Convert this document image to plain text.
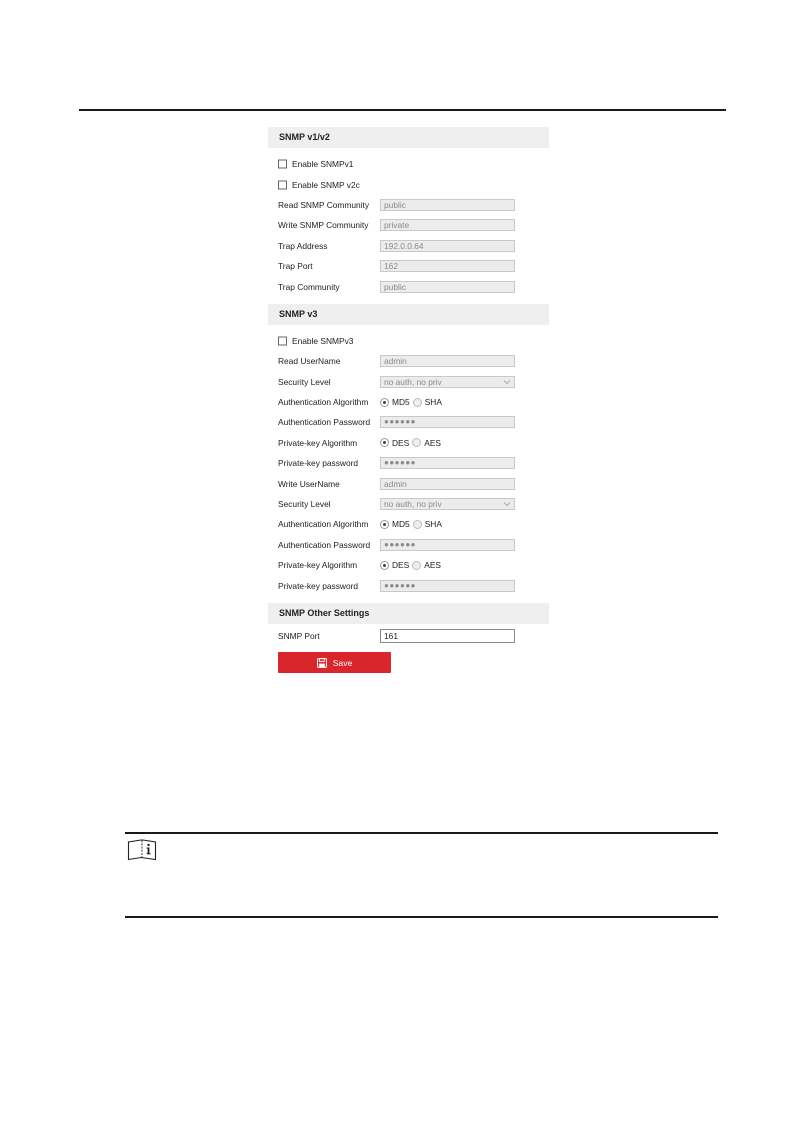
SNMP v1/v2
Enable SNMPv1
Enable SNMP v2c
Read SNMP Community	public
Write SNMP Community	private
Trap Address	192.0.0.64
Trap Port	162
Trap Community	public
SNMP v3
Enable SNMPv3
Read UserName	admin
Security Level	no auth, no priv
Authentication Algorithm	MD5 SHA
Authentication Password	●●●●●●
Private-key Algorithm	DES AES
Private-key password	●●●●●●
Write UserName	admin
Security Level	no auth, no priv
Authentication Algorithm	MD5 SHA
Authentication Password	●●●●●●
Private-key Algorithm	DES AES
Private-key password	●●●●●●
SNMP Other Settings
SNMP Port	161
Save
